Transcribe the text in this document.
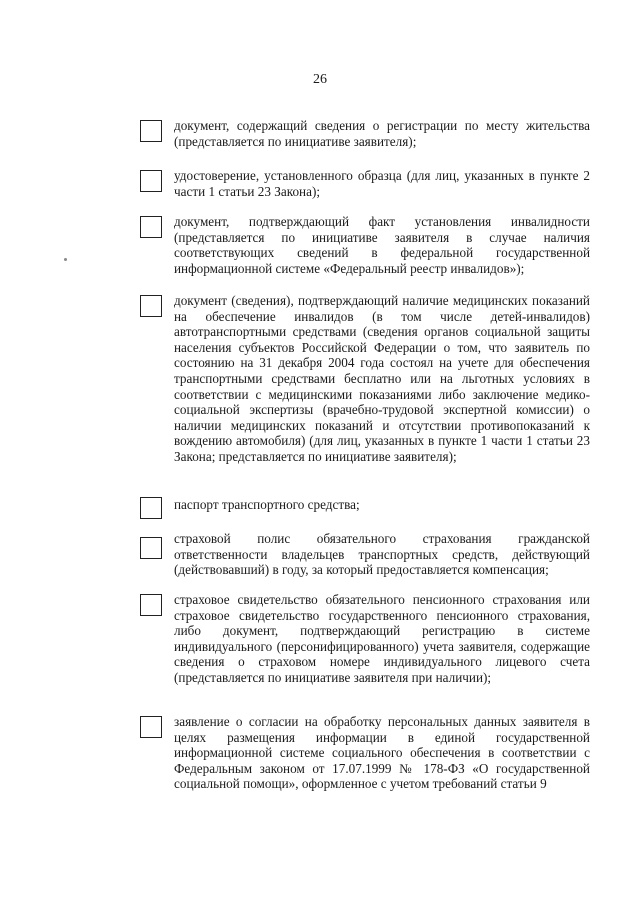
26

документ, содержащий сведения о регистрации по месту жительства (представляется по инициативе заявителя);

удостоверение, установленного образца (для лиц, указанных в пункте 2 части 1 статьи 23 Закона);

документ, подтверждающий факт установления инвалидности (представляется по инициативе заявителя в случае наличия соответствующих сведений в федеральной государственной информационной системе «Федеральный реестр инвалидов»);

документ (сведения), подтверждающий наличие медицинских показаний на обеспечение инвалидов (в том числе детей-инвалидов) автотранспортными средствами (сведения органов социальной защиты населения субъектов Российской Федерации о том, что заявитель по состоянию на 31 декабря 2004 года состоял на учете для обеспечения транспортными средствами бесплатно или на льготных условиях в соответствии с медицинскими показаниями либо заключение медико-социальной экспертизы (врачебно-трудовой экспертной комиссии) о наличии медицинских показаний и отсутствии противопоказаний к вождению автомобиля) (для лиц, указанных в пункте 1 части 1 статьи 23 Закона; представляется по инициативе заявителя);

паспорт транспортного средства;

страховой полис обязательного страхования гражданской ответственности владельцев транспортных средств, действующий (действовавший) в году, за который предоставляется компенсация;

страховое свидетельство обязательного пенсионного страхования или страховое свидетельство государственного пенсионного страхования, либо документ, подтверждающий регистрацию в системе индивидуального (персонифицированного) учета заявителя, содержащие сведения о страховом номере индивидуального лицевого счета (представляется по инициативе заявителя при наличии);

заявление о согласии на обработку персональных данных заявителя в целях размещения информации в единой государственной информационной системе социального обеспечения в соответствии с Федеральным законом от 17.07.1999 № 178-ФЗ «О государственной социальной помощи», оформленное с учетом требований статьи 9
